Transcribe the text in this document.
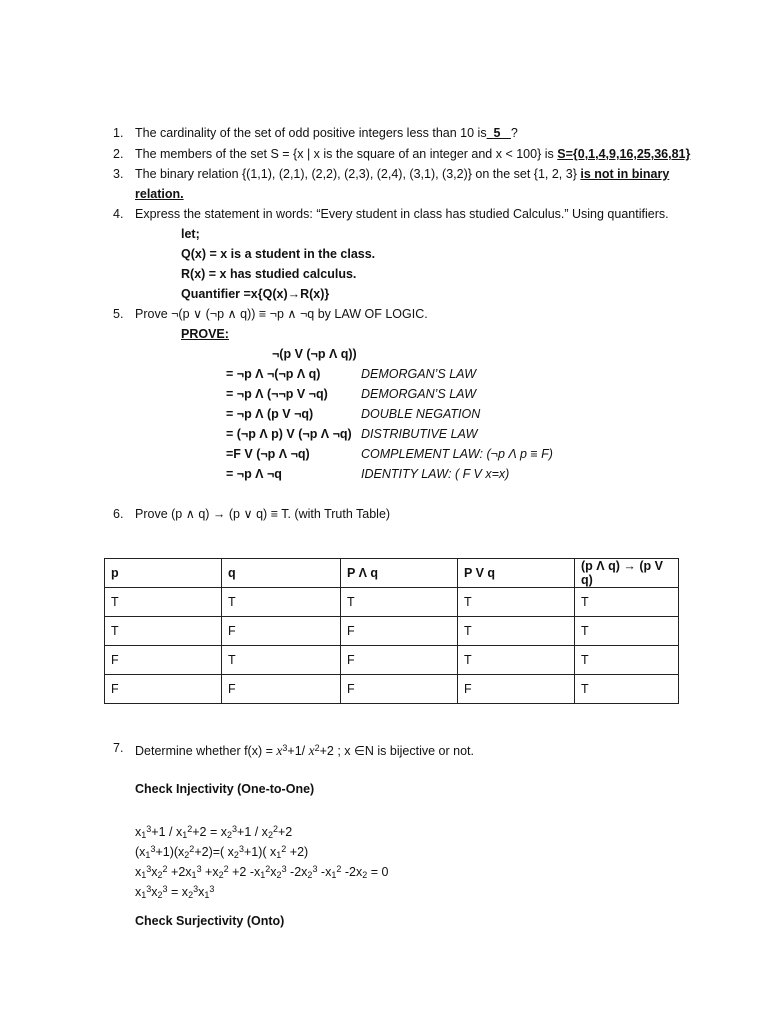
1. The cardinality of the set of odd positive integers less than 10 is 5 ?
2. The members of the set S = {x | x is the square of an integer and x < 100} is S={0,1,4,9,16,25,36,81}
3. The binary relation {(1,1), (2,1), (2,2), (2,3), (2,4), (3,1), (3,2)} on the set {1, 2, 3} is not in binary
relation.
4. Express the statement in words: “Every student in class has studied Calculus.” Using quantifiers.
let;
Q(x) = x is a student in the class.
R(x) = x has studied calculus.
Quantifier =x{Q(x)→R(x)}
5. Prove ¬(p ∨ (¬p ∧ q)) ≡ ¬p ∧ ¬q by LAW OF LOGIC.
PROVE:
¬(p V (¬p Λ q))
= ¬p Λ ¬(¬p Λ q)	DEMORGAN’S LAW
= ¬p Λ (¬¬p V ¬q)	DEMORGAN’S LAW
= ¬p Λ (p V ¬q)	DOUBLE NEGATION
= (¬p Λ p) V (¬p Λ ¬q) DISTRIBUTIVE LAW
=F V (¬p Λ ¬q)	COMPLEMENT LAW: (¬p Λ p ≡ F)
= ¬p Λ ¬q	IDENTITY LAW: ( F V x=x)
6. Prove (p ∧ q) → (p ∨ q) ≡ T. (with Truth Table)
p	q	P Λ q	P V q	(p Λ q) → (p V q)
T	T	T	T	T
T	F	F	T	T
F	T	F	T	T
F	F	F	F	T
7. Determine whether $f(x) = x^3+1/$ $x^2+2$ ; x ∈N is bijective or not.
Check Injectivity (One-to-One)
$x_1^3+1 / x_1^2+2 = x_2^3+1 / x_2^2+2$
$(x_1^3+1)(x_2^2+2)=$( $x_2^3+1$)( $x_1^2 +2$)
$x_1^3x_2^2 +2x_1^3 +x_2^2 +2$ $-x_1^2x_2^3$ $-2x_2^3$ $-x_1^2$ $-2x_2 = 0$
$x_1^3x_2^3 = x_2^3x_1^3$
Check Surjectivity (Onto)
